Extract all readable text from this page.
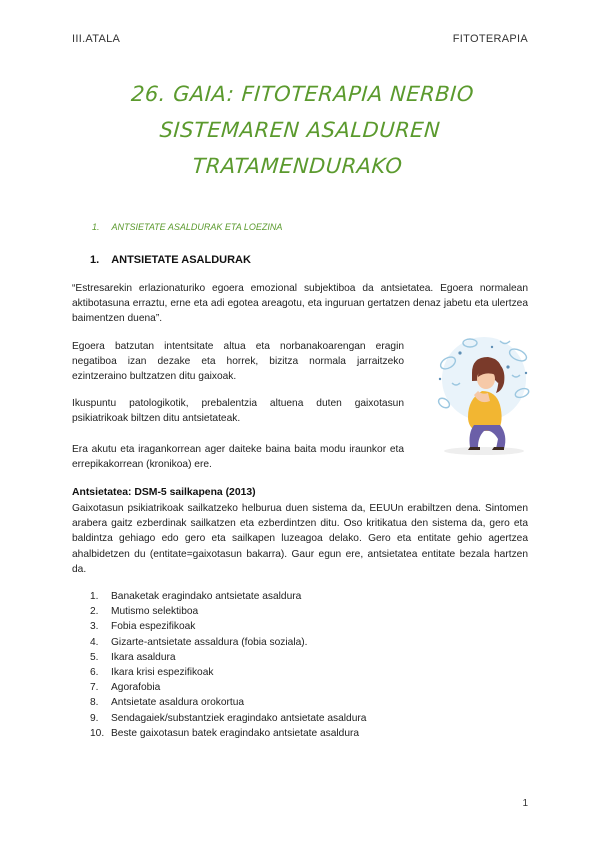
III.ATALA	FITOTERAPIA
26. GAIA: FITOTERAPIA NERBIO
SISTEMAREN ASALDUREN
TRATAMENDURAKO
1. ANTSIETATE ASALDURAK ETA LOEZINA
1. ANTSIETATE ASALDURAK
“Estresarekin erlazionaturiko egoera emozional subjektiboa da antsietatea. Egoera normalean aktibotasuna erraztu, erne eta adi egotea areagotu, eta inguruan gertatzen denaz jabetu eta ulertzea baimentzen duena”.
Egoera batzutan intentsitate altua eta norbanakoarengan eragin negatiboa izan dezake eta horrek, bizitza normala jarraitzeko ezintzeraino bultzatzen ditu gaixoak.
Ikuspuntu patologikotik, prebalentzia altuena duten gaixotasun psikiatrikoak biltzen ditu antsietateak.
Era akutu eta iragankorrean ager daiteke baina baita modu iraunkor eta errepikakorrean (kronikoa) ere.
Antsietatea: DSM-5 sailkapena (2013)
Gaixotasun psikiatrikoak sailkatzeko helburua duen sistema da, EEUUn erabiltzen dena. Sintomen arabera gaitz ezberdinak sailkatzen eta ezberdintzen ditu. Oso kritikatua den sistema da, gero eta baldintza gehiago edo gero eta sailkapen luzeagoa delako. Gero eta entitate gehio agertzea ahalbidetzen du (entitate=gaixotasun bakarra). Gaur egun ere, antsietatea entitate bezala hartzen da.
1.	Banaketak eragindako antsietate asaldura
2.	Mutismo selektiboa
3.	Fobia espezifikoak
4.	Gizarte-antsietate assaldura (fobia soziala).
5.	Ikara asaldura
6.	Ikara krisi espezifikoak
7.	Agorafobia
8.	Antsietate asaldura orokortua
9.	Sendagaiek/substantziek eragindako antsietate asaldura
10. Beste gaixotasun batek eragindako antsietate asaldura
1
